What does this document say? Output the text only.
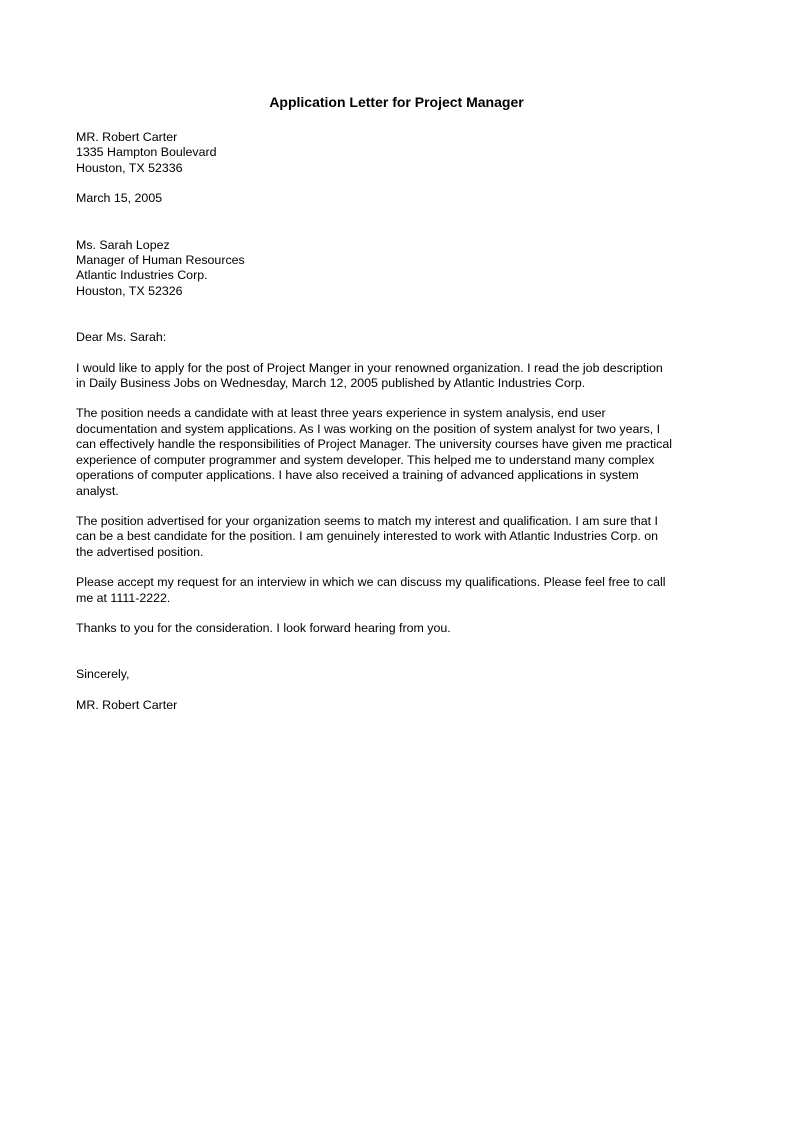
Application Letter for Project Manager
MR. Robert Carter
1335 Hampton Boulevard
Houston, TX 52336
March 15, 2005
Ms. Sarah Lopez
Manager of Human Resources
Atlantic Industries Corp.
Houston, TX 52326
Dear Ms. Sarah:
I would like to apply for the post of Project Manger in your renowned organization. I read the job description
in Daily Business Jobs on Wednesday, March 12, 2005 published by Atlantic Industries Corp.
The position needs a candidate with at least three years experience in system analysis, end user
documentation and system applications. As I was working on the position of system analyst for two years, I
can effectively handle the responsibilities of Project Manager. The university courses have given me practical
experience of computer programmer and system developer. This helped me to understand many complex
operations of computer applications. I have also received a training of advanced applications in system
analyst.
The position advertised for your organization seems to match my interest and qualification. I am sure that I
can be a best candidate for the position. I am genuinely interested to work with Atlantic Industries Corp. on
the advertised position.
Please accept my request for an interview in which we can discuss my qualifications. Please feel free to call
me at 1111-2222.
Thanks to you for the consideration. I look forward hearing from you.
Sincerely,
MR. Robert Carter
